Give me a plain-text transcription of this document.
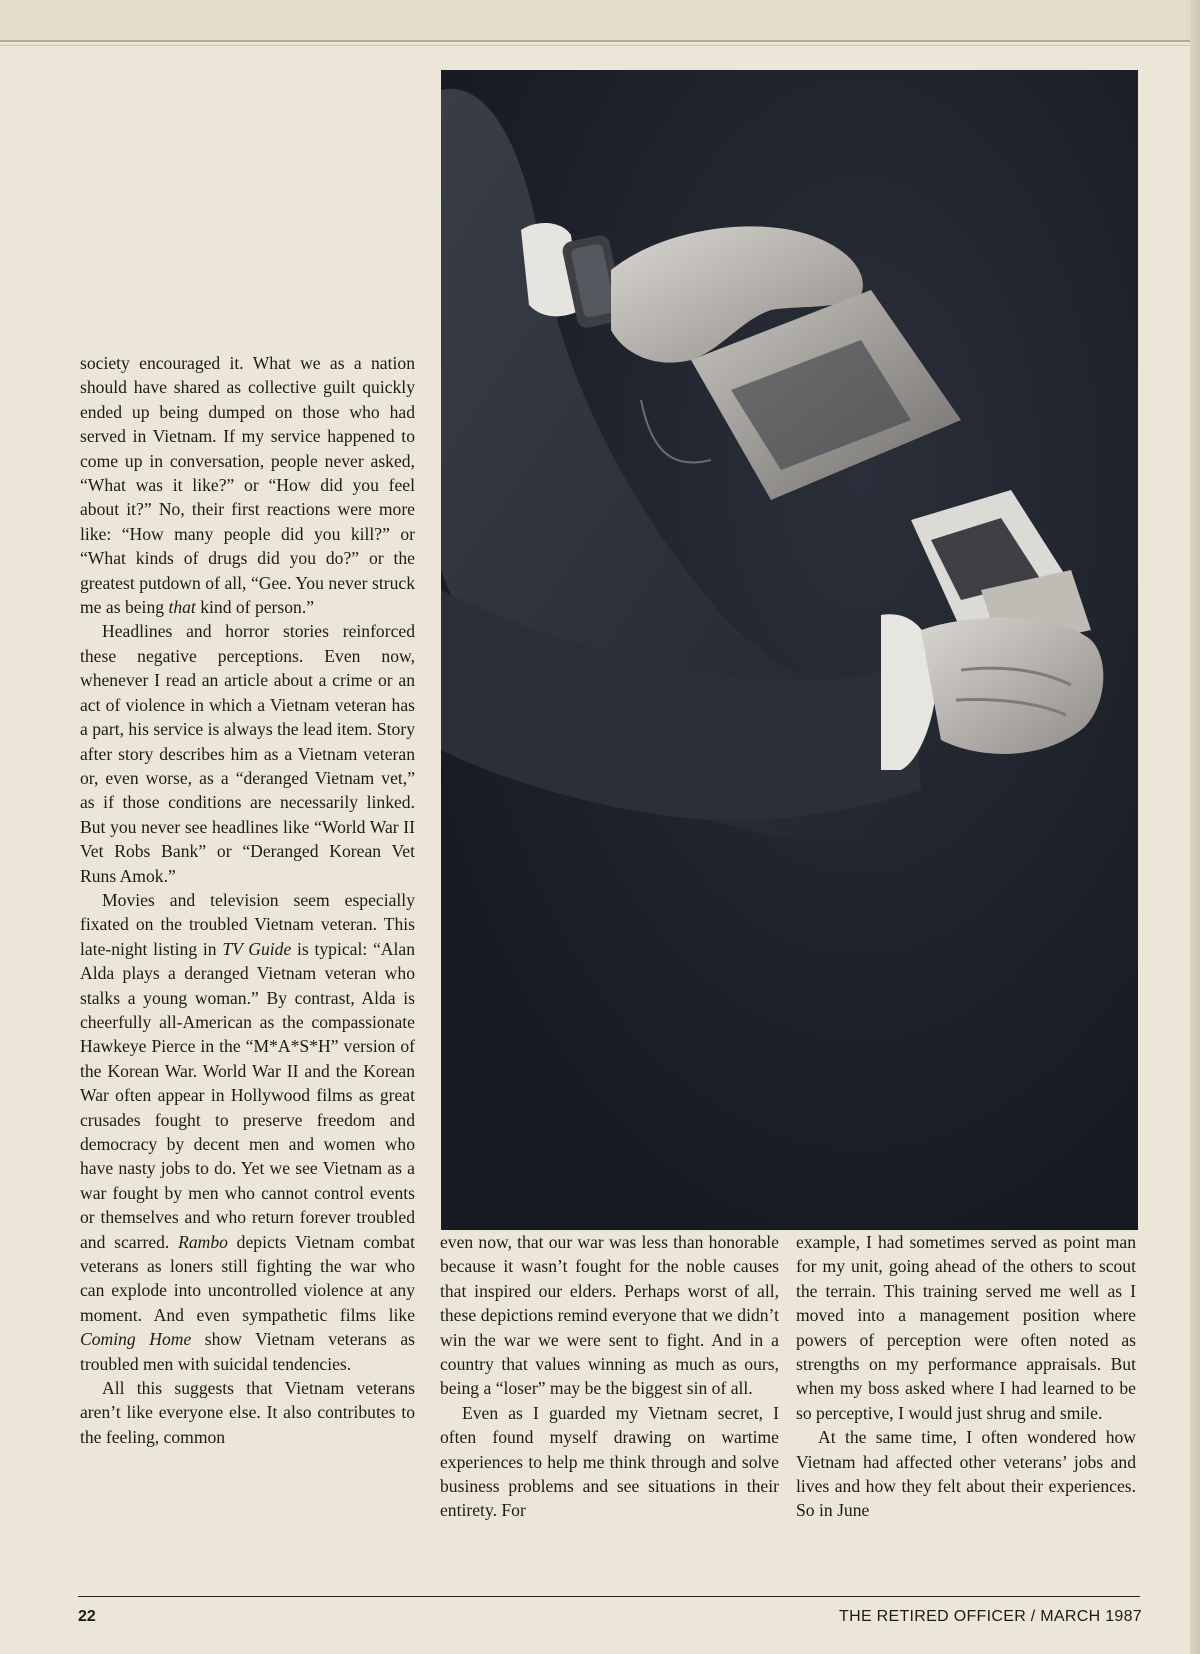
society encouraged it. What we as a nation should have shared as collective guilt quickly ended up being dumped on those who had served in Vietnam. If my service happened to come up in conversation, people never asked, “What was it like?” or “How did you feel about it?” No, their first reactions were more like: “How many people did you kill?” or “What kinds of drugs did you do?” or the greatest putdown of all, “Gee. You never struck me as being that kind of person.”

Headlines and horror stories reinforced these negative perceptions. Even now, whenever I read an article about a crime or an act of violence in which a Vietnam veteran has a part, his service is always the lead item. Story after story describes him as a Vietnam veteran or, even worse, as a “deranged Vietnam vet,” as if those conditions are necessarily linked. But you never see headlines like “World War II Vet Robs Bank” or “Deranged Korean Vet Runs Amok.”

Movies and television seem especially fixated on the troubled Vietnam veteran. This late-night listing in TV Guide is typical: “Alan Alda plays a deranged Vietnam veteran who stalks a young woman.” By contrast, Alda is cheerfully all-American as the compassionate Hawkeye Pierce in the “M*A*S*H” version of the Korean War. World War II and the Korean War often appear in Hollywood films as great crusades fought to preserve freedom and democracy by decent men and women who have nasty jobs to do. Yet we see Vietnam as a war fought by men who cannot control events or themselves and who return forever troubled and scarred. Rambo depicts Vietnam combat veterans as loners still fighting the war who can explode into uncontrolled violence at any moment. And even sympathetic films like Coming Home show Vietnam veterans as troubled men with suicidal tendencies.

All this suggests that Vietnam veterans aren’t like everyone else. It also contributes to the feeling, common

even now, that our war was less than honorable because it wasn’t fought for the noble causes that inspired our elders. Perhaps worst of all, these depictions remind everyone that we didn’t win the war we were sent to fight. And in a country that values winning as much as ours, being a “loser” may be the biggest sin of all.

Even as I guarded my Vietnam secret, I often found myself drawing on wartime experiences to help me think through and solve business problems and see situations in their entirety. For

example, I had sometimes served as point man for my unit, going ahead of the others to scout the terrain. This training served me well as I moved into a management position where powers of perception were often noted as strengths on my performance appraisals. But when my boss asked where I had learned to be so perceptive, I would just shrug and smile.

At the same time, I often wondered how Vietnam had affected other veterans’ jobs and lives and how they felt about their experiences. So in June

22	THE RETIRED OFFICER / MARCH 1987
